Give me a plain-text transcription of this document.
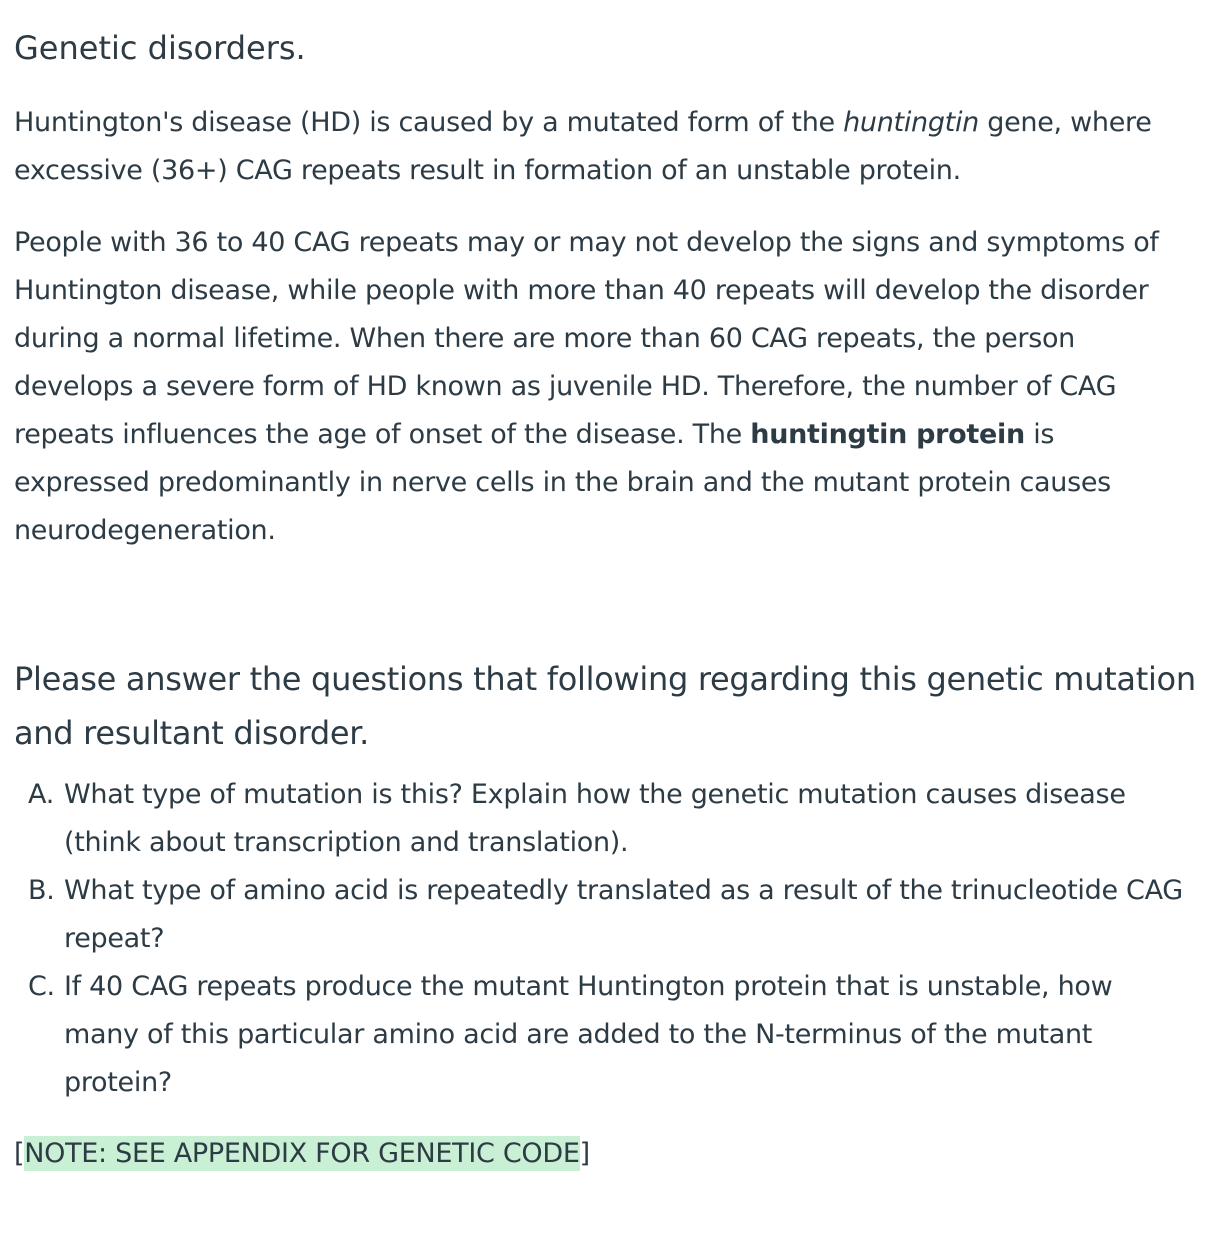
Genetic disorders.

Huntington's disease (HD) is caused by a mutated form of the huntingtin gene, where excessive (36+) CAG repeats result in formation of an unstable protein.

People with 36 to 40 CAG repeats may or may not develop the signs and symptoms of Huntington disease, while people with more than 40 repeats will develop the disorder during a normal lifetime. When there are more than 60 CAG repeats, the person develops a severe form of HD known as juvenile HD. Therefore, the number of CAG repeats influences the age of onset of the disease. The huntingtin protein is expressed predominantly in nerve cells in the brain and the mutant protein causes neurodegeneration.

Please answer the questions that following regarding this genetic mutation and resultant disorder.

A. What type of mutation is this? Explain how the genetic mutation causes disease (think about transcription and translation).
B. What type of amino acid is repeatedly translated as a result of the trinucleotide CAG repeat?
C. If 40 CAG repeats produce the mutant Huntington protein that is unstable, how many of this particular amino acid are added to the N-terminus of the mutant protein?
[NOTE: SEE APPENDIX FOR GENETIC CODE]
